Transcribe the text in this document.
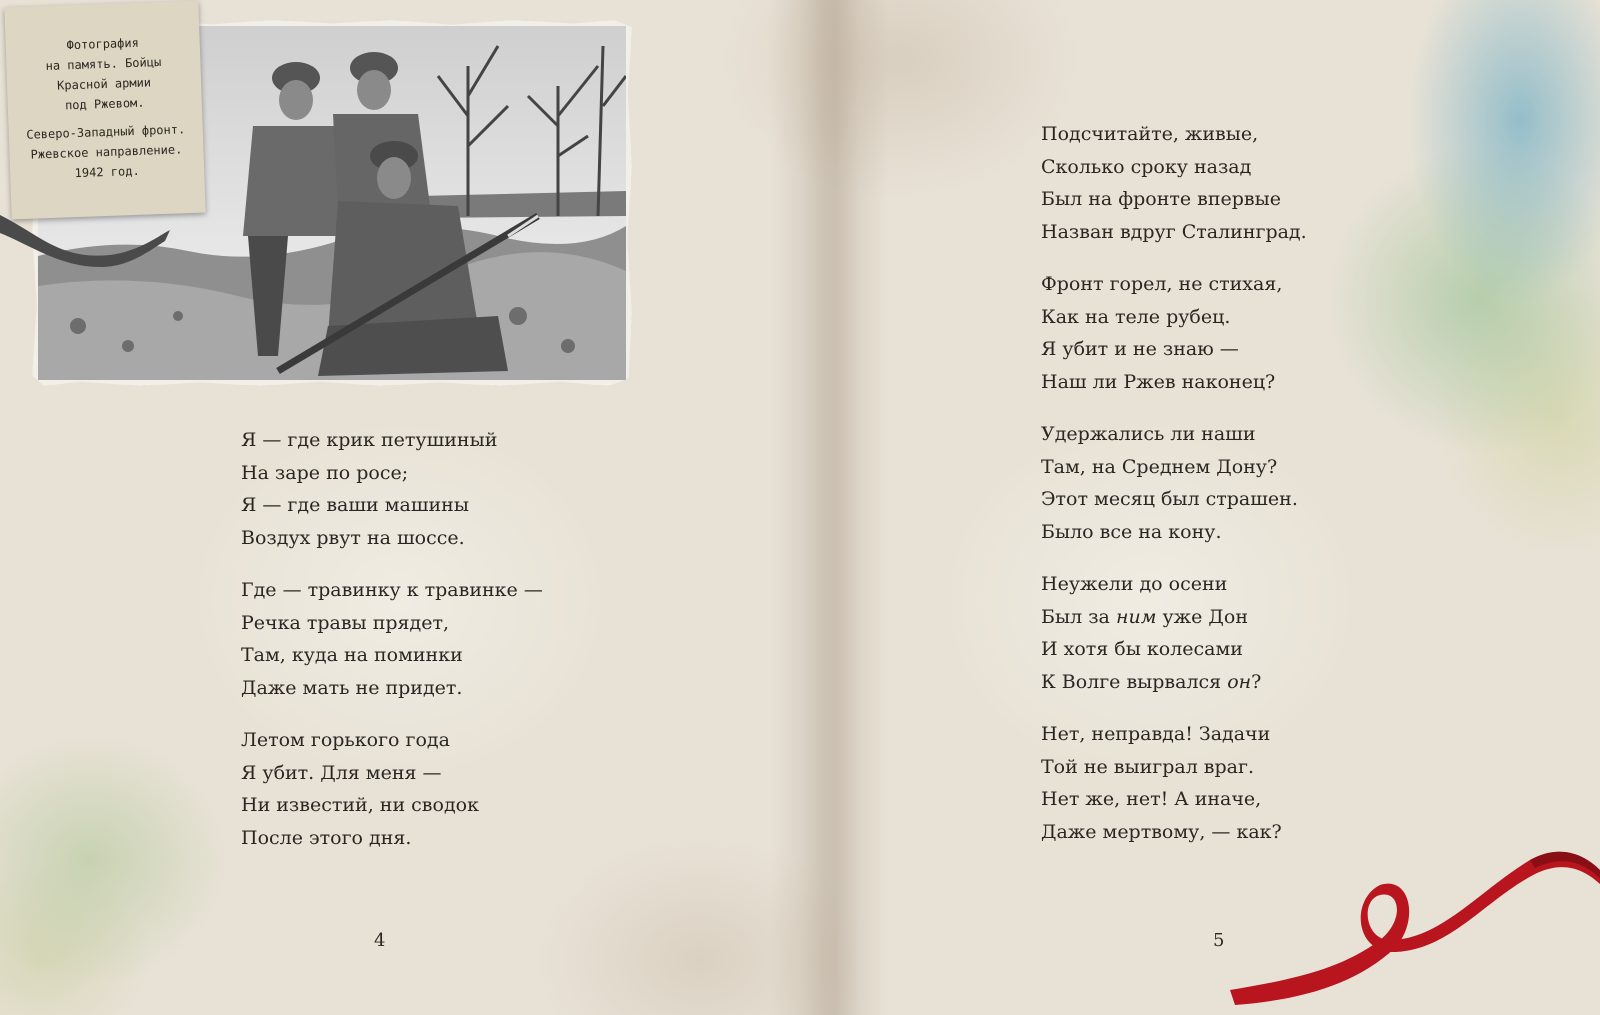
Фотография
на память. Бойцы
Красной армии
под Ржевом.

Северо-Западный фронт.
Ржевское направление.
1942 год.

Я — где крик петушиный
На заре по росе;
Я — где ваши машины
Воздух рвут на шоссе.
Где — травинку к травинке —
Речка травы прядет,
Там, куда на поминки
Даже мать не придет.
Летом горького года
Я убит. Для меня —
Ни известий, ни сводок
После этого дня.
Подсчитайте, живые,
Сколько сроку назад
Был на фронте впервые
Назван вдруг Сталинград.
Фронт горел, не стихая,
Как на теле рубец.
Я убит и не знаю —
Наш ли Ржев наконец?
Удержались ли наши
Там, на Среднем Дону?
Этот месяц был страшен.
Было все на кону.
Неужели до осени
Был за ним уже Дон
И хотя бы колесами
К Волге вырвался он?
Нет, неправда! Задачи
Той не выиграл враг.
Нет же, нет! А иначе,
Даже мертвому, — как?
4	5
